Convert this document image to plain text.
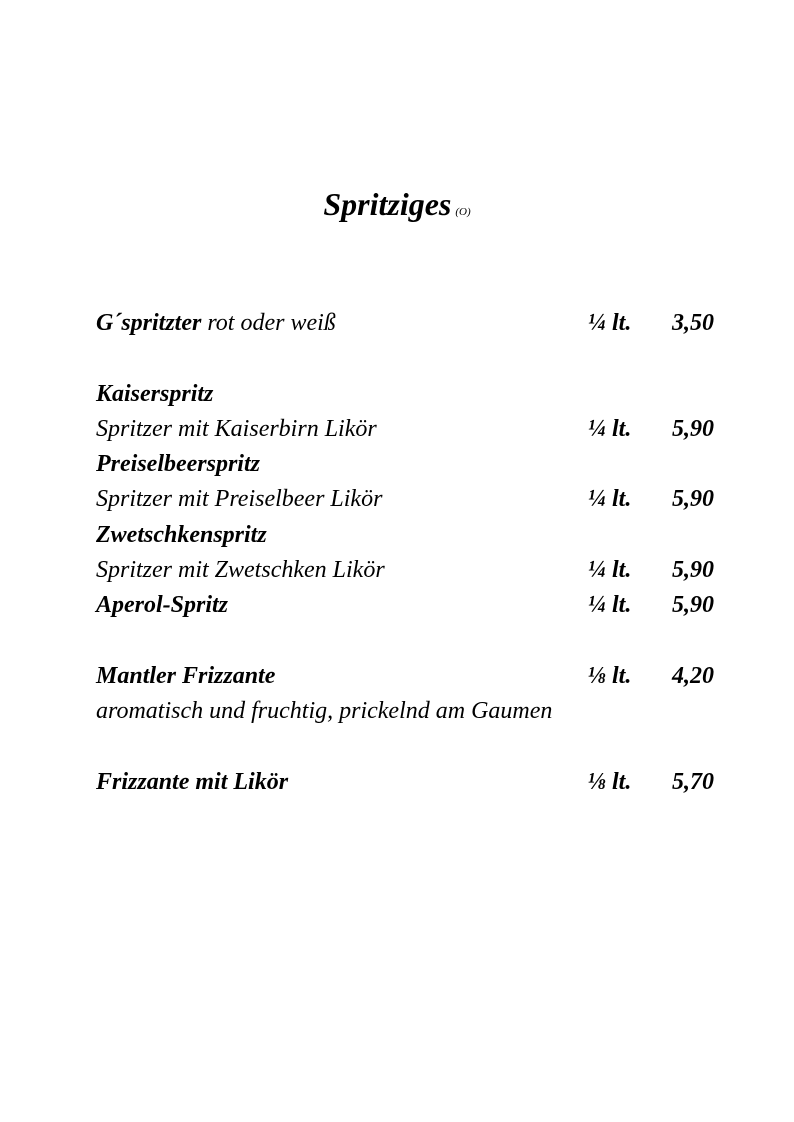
Spritziges (O)
G´spritzter rot oder weiß	¼ lt. 3,50
Kaiserspritz
Spritzer mit Kaiserbirn Likör	¼ lt. 5,90
Preiselbeerspritz
Spritzer mit Preiselbeer Likör	¼ lt. 5,90
Zwetschkenspritz
Spritzer mit Zwetschken Likör	¼ lt. 5,90
Aperol-Spritz	¼ lt. 5,90
Mantler Frizzante	⅛ lt. 4,20
aromatisch und fruchtig, prickelnd am Gaumen
Frizzante mit Likör	⅛ lt. 5,70
